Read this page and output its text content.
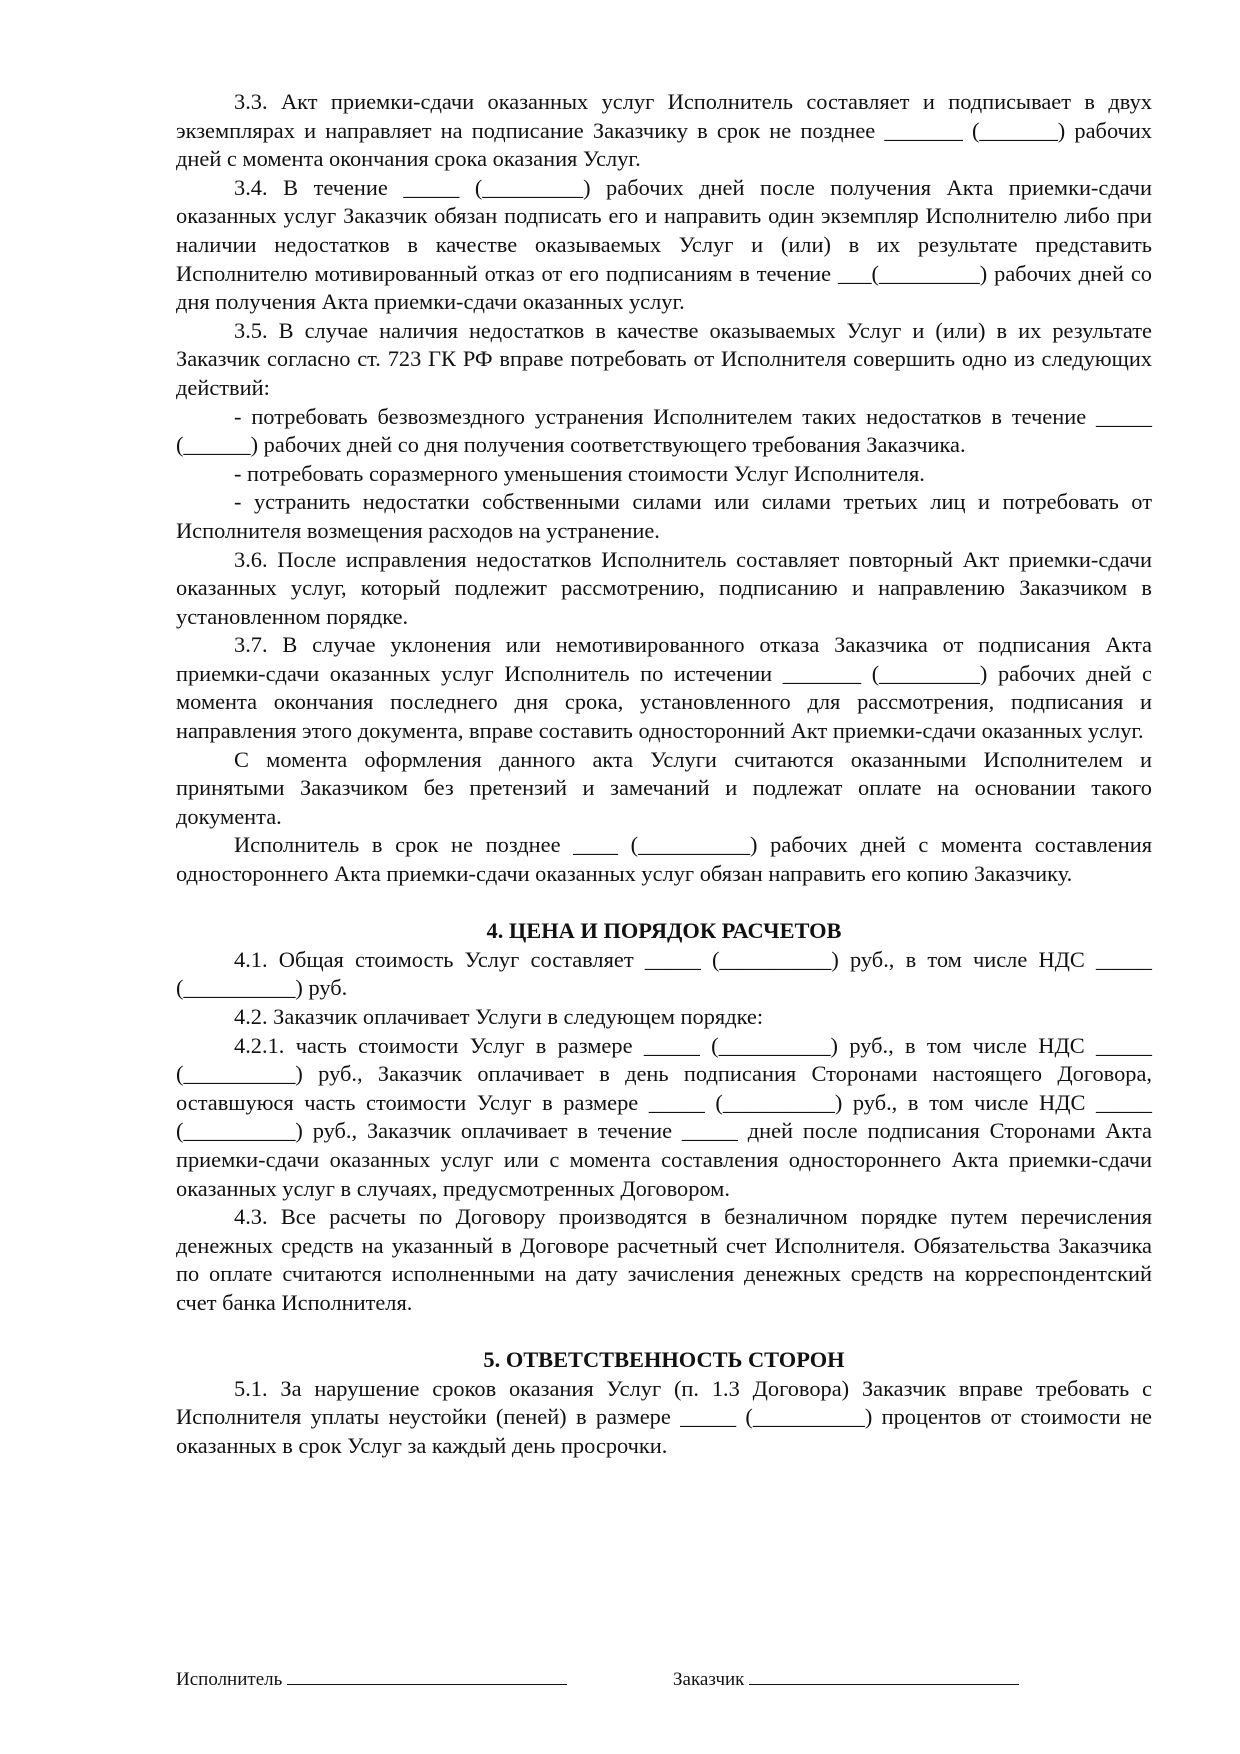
3.3. Акт приемки-сдачи оказанных услуг Исполнитель составляет и подписывает в двух экземплярах и направляет на подписание Заказчику в срок не позднее _______ (_______) рабочих дней с момента окончания срока оказания Услуг.

3.4. В течение _____ (_________) рабочих дней после получения Акта приемки-сдачи оказанных услуг Заказчик обязан подписать его и направить один экземпляр Исполнителю либо при наличии недостатков в качестве оказываемых Услуг и (или) в их результате представить Исполнителю мотивированный отказ от его подписаниям в течение ___(_________) рабочих дней со дня получения Акта приемки-сдачи оказанных услуг.

3.5. В случае наличия недостатков в качестве оказываемых Услуг и (или) в их результате Заказчик согласно ст. 723 ГК РФ вправе потребовать от Исполнителя совершить одно из следующих действий:

- потребовать безвозмездного устранения Исполнителем таких недостатков в течение _____ (______) рабочих дней со дня получения соответствующего требования Заказчика.

- потребовать соразмерного уменьшения стоимости Услуг Исполнителя.

- устранить недостатки собственными силами или силами третьих лиц и потребовать от Исполнителя возмещения расходов на устранение.

3.6. После исправления недостатков Исполнитель составляет повторный Акт приемки-сдачи оказанных услуг, который подлежит рассмотрению, подписанию и направлению Заказчиком в установленном порядке.

3.7. В случае уклонения или немотивированного отказа Заказчика от подписания Акта приемки-сдачи оказанных услуг Исполнитель по истечении _______ (_________) рабочих дней с момента окончания последнего дня срока, установленного для рассмотрения, подписания и направления этого документа, вправе составить односторонний Акт приемки-сдачи оказанных услуг.

С момента оформления данного акта Услуги считаются оказанными Исполнителем и принятыми Заказчиком без претензий и замечаний и подлежат оплате на основании такого документа.

Исполнитель в срок не позднее ____ (__________) рабочих дней с момента составления одностороннего Акта приемки-сдачи оказанных услуг обязан направить его копию Заказчику.

4. ЦЕНА И ПОРЯДОК РАСЧЕТОВ

4.1. Общая стоимость Услуг составляет _____ (__________) руб., в том числе НДС _____ (__________) руб.

4.2. Заказчик оплачивает Услуги в следующем порядке:

4.2.1. часть стоимости Услуг в размере _____ (__________) руб., в том числе НДС _____ (__________) руб., Заказчик оплачивает в день подписания Сторонами настоящего Договора, оставшуюся часть стоимости Услуг в размере _____ (__________) руб., в том числе НДС _____ (__________) руб., Заказчик оплачивает в течение _____ дней после подписания Сторонами Акта приемки-сдачи оказанных услуг или с момента составления одностороннего Акта приемки-сдачи оказанных услуг в случаях, предусмотренных Договором.

4.3. Все расчеты по Договору производятся в безналичном порядке путем перечисления денежных средств на указанный в Договоре расчетный счет Исполнителя. Обязательства Заказчика по оплате считаются исполненными на дату зачисления денежных средств на корреспондентский счет банка Исполнителя.

5. ОТВЕТСТВЕННОСТЬ СТОРОН

5.1. За нарушение сроков оказания Услуг (п. 1.3 Договора) Заказчик вправе требовать с Исполнителя уплаты неустойки (пеней) в размере _____ (__________) процентов от стоимости не оказанных в срок Услуг за каждый день просрочки.

Исполнитель	Заказчик
